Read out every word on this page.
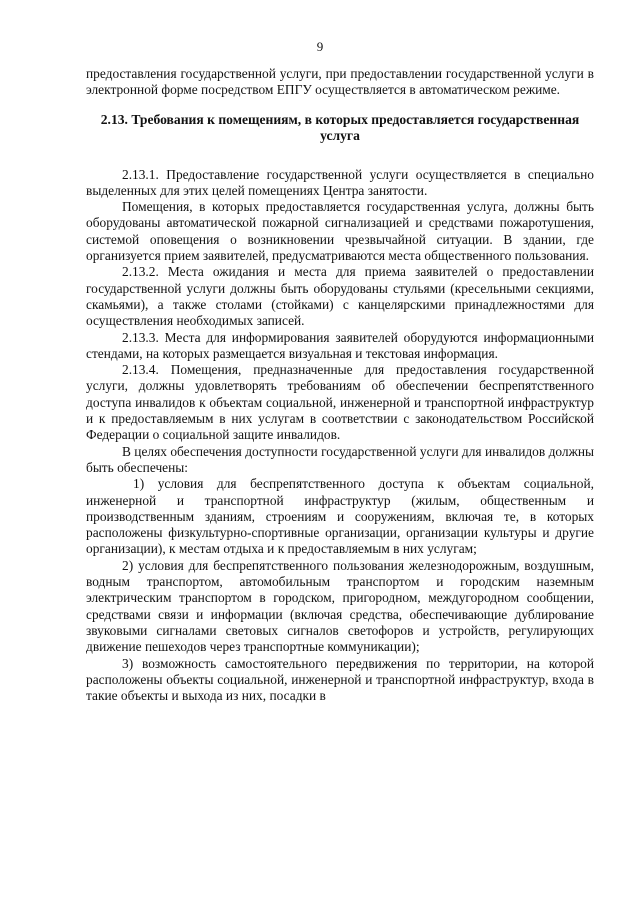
9

предоставления государственной услуги, при предоставлении государственной услуги в электронной форме посредством ЕПГУ осуществляется в автоматическом режиме.

2.13. Требования к помещениям, в которых предоставляется государственная услуга

2.13.1. Предоставление государственной услуги осуществляется в специально выделенных для этих целей помещениях Центра занятости.

Помещения, в которых предоставляется государственная услуга, должны быть оборудованы автоматической пожарной сигнализацией и средствами пожаротушения, системой оповещения о возникновении чрезвычайной ситуации. В здании, где организуется прием заявителей, предусматриваются места общественного пользования.

2.13.2. Места ожидания и места для приема заявителей о предоставлении государственной услуги должны быть оборудованы стульями (кресельными секциями, скамьями), а также столами (стойками) с канцелярскими принадлежностями для осуществления необходимых записей.

2.13.3. Места для информирования заявителей оборудуются информационными стендами, на которых размещается визуальная и текстовая информация.

2.13.4. Помещения, предназначенные для предоставления государственной услуги, должны удовлетворять требованиям об обеспечении беспрепятственного доступа инвалидов к объектам социальной, инженерной и транспортной инфраструктур и к предоставляемым в них услугам в соответствии с законодательством Российской Федерации о социальной защите инвалидов.

В целях обеспечения доступности государственной услуги для инвалидов должны быть обеспечены:

1) условия для беспрепятственного доступа к объектам социальной, инженерной и транспортной инфраструктур (жилым, общественным и производственным зданиям, строениям и сооружениям, включая те, в которых расположены физкультурно-спортивные организации, организации культуры и другие организации), к местам отдыха и к предоставляемым в них услугам;

2) условия для беспрепятственного пользования железнодорожным, воздушным, водным транспортом, автомобильным транспортом и городским наземным электрическим транспортом в городском, пригородном, междугородном сообщении, средствами связи и информации (включая средства, обеспечивающие дублирование звуковыми сигналами световых сигналов светофоров и устройств, регулирующих движение пешеходов через транспортные коммуникации);

3) возможность самостоятельного передвижения по территории, на которой расположены объекты социальной, инженерной и транспортной инфраструктур, входа в такие объекты и выхода из них, посадки в
